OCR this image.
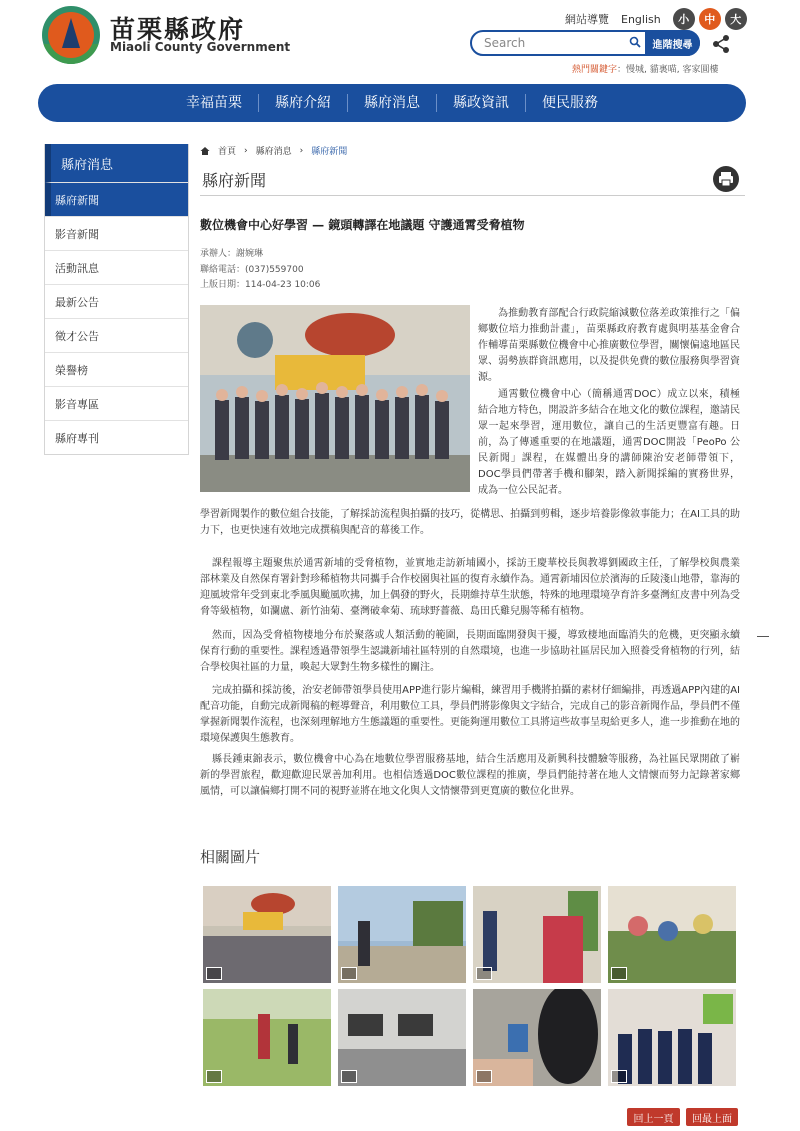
苗栗縣政府
Miaoli County Government
網站導覽 English	小	中	大
Search	進階搜尋
熱門關鍵字：慢城, 貓裏喵, 客家圓樓
幸福苗栗	縣府介紹	縣府消息	縣政資訊	便民服務
縣府消息
縣府新聞
影音新聞
活動訊息
最新公告
徵才公告
榮譽榜
影音專區
縣府專刊
首頁 › 縣府消息 › 縣府新聞
縣府新聞
數位機會中心好學習 — 鏡頭轉譯在地議題 守護通霄受脅植物
承辦人：謝婉琳
聯絡電話：(037)559700
上版日期：114-04-23 10:06
為推動教育部配合行政院縮減數位落差政策推行之「偏鄉數位培力推動計畫」，苗栗縣政府教育處與明基基金會合作輔導苗栗縣數位機會中心推廣數位學習，關懷偏遠地區民眾、弱勢族群資訊應用，以及提供免費的數位服務與學習資源。
通霄數位機會中心（簡稱通霄DOC）成立以來，積極結合地方特色，開設許多結合在地文化的數位課程，邀請民眾一起來學習，運用數位，讓自己的生活更豐富有趣。日前，為了傳遞重要的在地議題，通霄DOC開設「PeoPo 公民新聞」課程，在媒體出身的講師陳治安老師帶領下，DOC學員們帶著手機和腳架，踏入新聞採編的實務世界，成為一位公民記者。
學習新聞製作的數位組合技能，了解採訪流程與拍攝的技巧，從構思、拍攝到剪輯，逐步培養影像敘事能力；在AI工具的助力下，也更快速有效地完成撰稿與配音的幕後工作。
課程報導主題聚焦於通霄新埔的受脅植物，並實地走訪新埔國小，採訪王慶華校長與教導劉國政主任，了解學校與農業部林業及自然保育署針對珍稀植物共同攜手合作校園與社區的復育永續作為。通霄新埔因位於濱海的丘陵淺山地帶，靠海的迎風坡常年受到東北季風與颱風吹拂，加上偶發的野火，長期維持草生狀態，特殊的地理環境孕育許多臺灣紅皮書中列為受脅等級植物，如瀾盧、新竹油菊、臺灣破傘菊、琉球野薔薇、島田氏雞兒腸等稀有植物。
然而，因為受脅植物棲地分布於聚落或人類活動的範圍，長期面臨開發與干擾，導致棲地面臨消失的危機，更突顯永續保育行動的重要性。課程透過帶領學生認識新埔社區特別的自然環境，也進一步協助社區居民加入照養受脅植物的行列，結合學校與社區的力量，喚起大眾對生物多樣性的關注。
完成拍攝和採訪後，治安老師帶領學員使用APP進行影片編輯，練習用手機將拍攝的素材仔細編排，再透過APP內建的AI配音功能，自動完成新聞稿的輕導聲音，利用數位工具，學員們將影像與文字結合，完成自己的影音新聞作品，學員們不僅掌握新聞製作流程，也深刻理解地方生態議題的重要性。更能夠運用數位工具將這些故事呈現給更多人，進一步推動在地的環境保護與生態教育。
縣長鍾東錦表示，數位機會中心為在地數位學習服務基地，結合生活應用及新興科技體驗等服務，為社區民眾開啟了嶄新的學習旅程，歡迎歡迎民眾善加利用。也相信透過DOC數位課程的推廣，學員們能持著在地人文情懷而努力記錄著家鄉風情，可以讓偏鄉打開不同的視野並將在地文化與人文情懷帶到更寬廣的數位化世界。
相關圖片
回上一頁	回最上面
